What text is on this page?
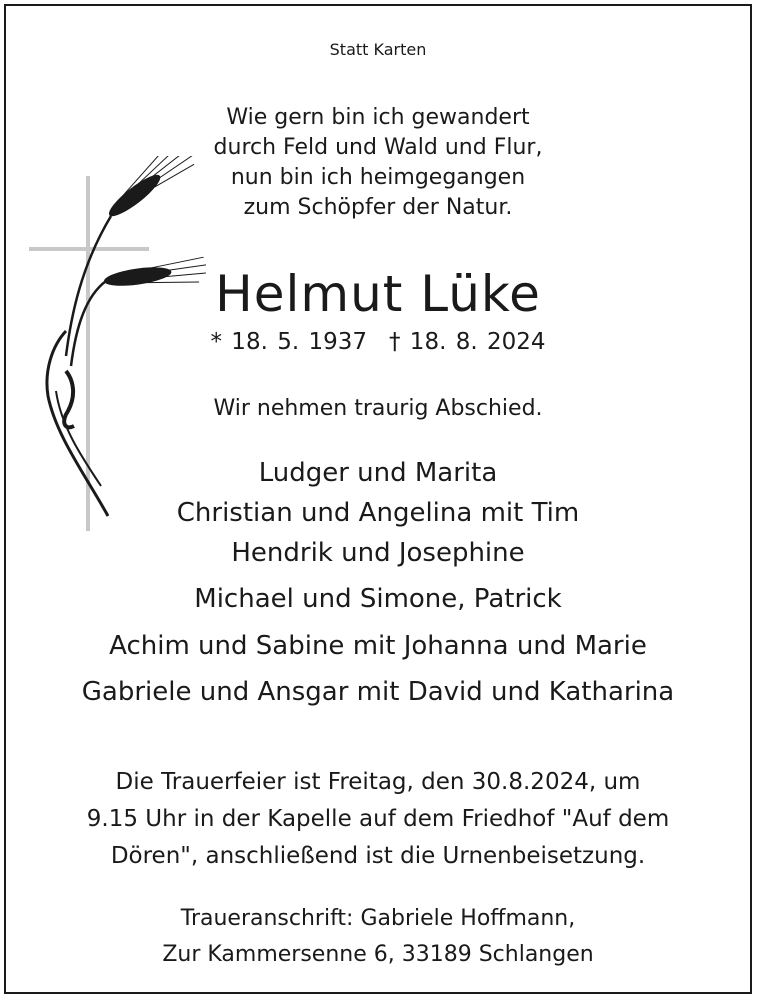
Statt Karten
Wie gern bin ich gewandert
durch Feld und Wald und Flur,
nun bin ich heimgegangen
zum Schöpfer der Natur.
Helmut Lüke
* 18. 5. 1937 † 18. 8. 2024
Wir nehmen traurig Abschied.
Ludger und Marita
Christian und Angelina mit Tim
Hendrik und Josephine
Michael und Simone, Patrick
Achim und Sabine mit Johanna und Marie
Gabriele und Ansgar mit David und Katharina
Die Trauerfeier ist Freitag, den 30.8.2024, um
9.15 Uhr in der Kapelle auf dem Friedhof "Auf dem
Dören", anschließend ist die Urnenbeisetzung.
Traueranschrift: Gabriele Hoffmann,
Zur Kammersenne 6, 33189 Schlangen
